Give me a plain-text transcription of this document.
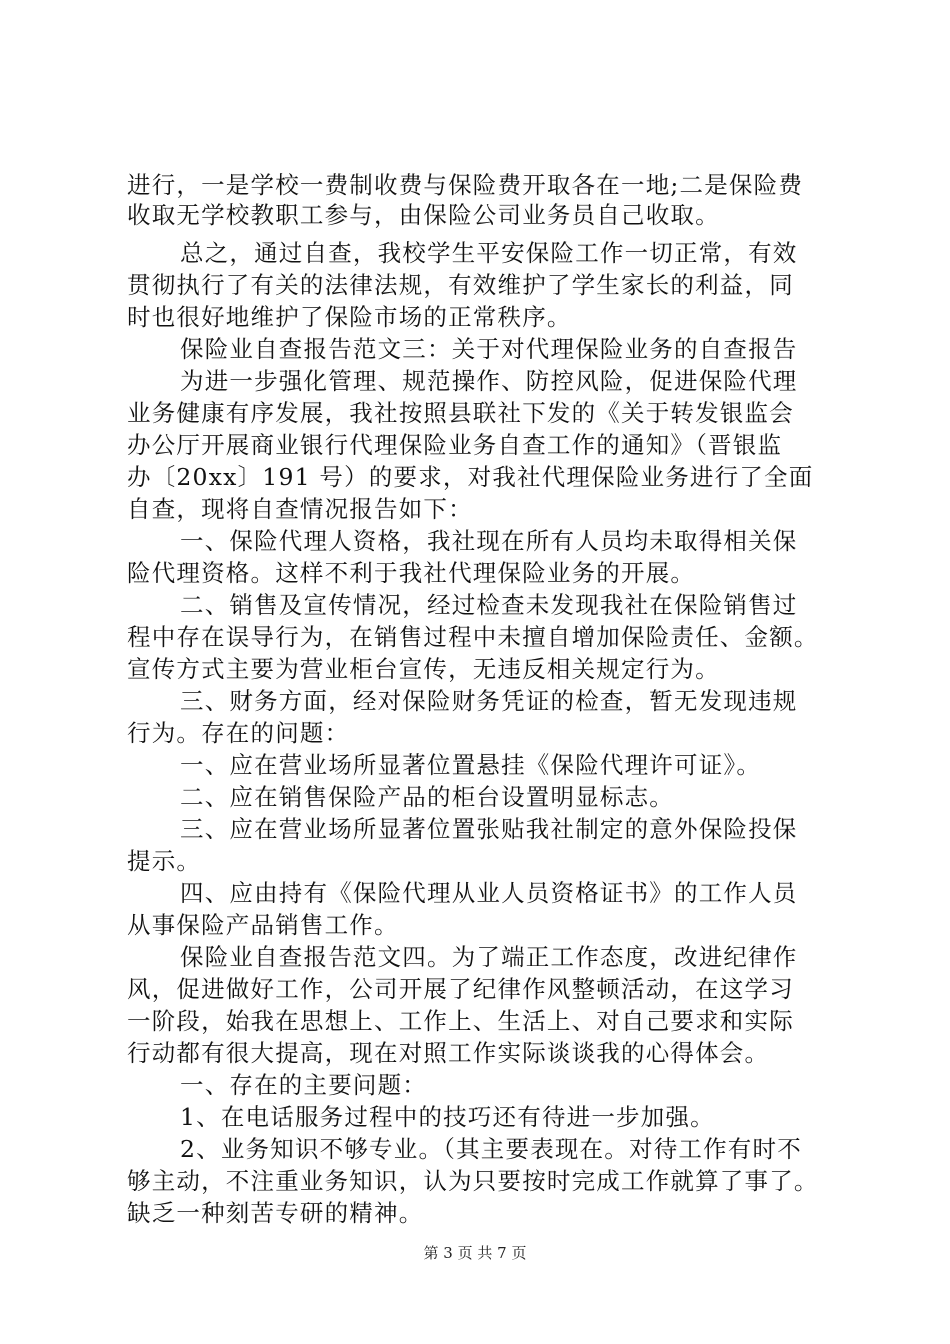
进行，一是学校一费制收费与保险费开取各在一地;二是保险费
收取无学校教职工参与，由保险公司业务员自己收取。
总之，通过自查，我校学生平安保险工作一切正常，有效
贯彻执行了有关的法律法规，有效维护了学生家长的利益，同
时也很好地维护了保险市场的正常秩序。
保险业自查报告范文三：关于对代理保险业务的自查报告
为进一步强化管理、规范操作、防控风险，促进保险代理
业务健康有序发展，我社按照县联社下发的《关于转发银监会
办公厅开展商业银行代理保险业务自查工作的通知》（晋银监
办〔20xx〕191 号）的要求，对我社代理保险业务进行了全面
自查，现将自查情况报告如下：
一、保险代理人资格，我社现在所有人员均未取得相关保
险代理资格。这样不利于我社代理保险业务的开展。
二、销售及宣传情况，经过检查未发现我社在保险销售过
程中存在误导行为，在销售过程中未擅自增加保险责任、金额。
宣传方式主要为营业柜台宣传，无违反相关规定行为。
三、财务方面，经对保险财务凭证的检查，暂无发现违规
行为。存在的问题：
一、应在营业场所显著位置悬挂《保险代理许可证》。
二、应在销售保险产品的柜台设置明显标志。
三、应在营业场所显著位置张贴我社制定的意外保险投保
提示。
四、应由持有《保险代理从业人员资格证书》的工作人员
从事保险产品销售工作。
保险业自查报告范文四。为了端正工作态度，改进纪律作
风，促进做好工作，公司开展了纪律作风整顿活动，在这学习
一阶段，始我在思想上、工作上、生活上、对自己要求和实际
行动都有很大提高，现在对照工作实际谈谈我的心得体会。
一、存在的主要问题：
1、在电话服务过程中的技巧还有待进一步加强。
2、业务知识不够专业。（其主要表现在。对待工作有时不
够主动，不注重业务知识，认为只要按时完成工作就算了事了。
缺乏一种刻苦专研的精神。
第 3 页 共 7 页
